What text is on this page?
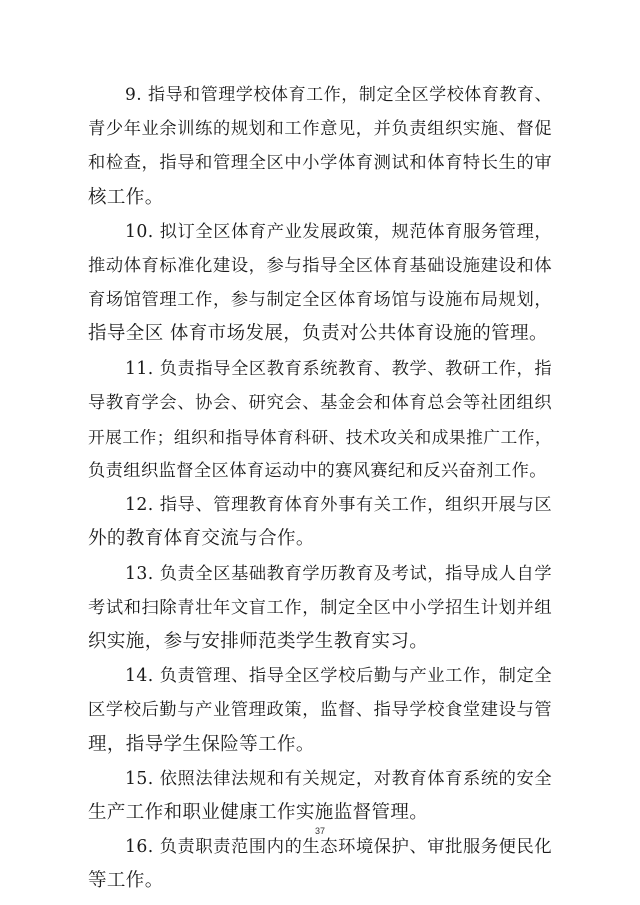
9. 指导和管理学校体育工作，制定全区学校体育教育、
青少年业余训练的规划和工作意见，并负责组织实施、督促
和检查，指导和管理全区中小学体育测试和体育特长生的审
核工作。
10. 拟订全区体育产业发展政策，规范体育服务管理，
推动体育标准化建设，参与指导全区体育基础设施建设和体
育场馆管理工作，参与制定全区体育场馆与设施布局规划，
指导全区 体育市场发展，负责对公共体育设施的管理。
11. 负责指导全区教育系统教育、教学、教研工作，指
导教育学会、协会、研究会、基金会和体育总会等社团组织
开展工作；组织和指导体育科研、技术攻关和成果推广工作，
负责组织监督全区体育运动中的赛风赛纪和反兴奋剂工作。
12. 指导、管理教育体育外事有关工作，组织开展与区
外的教育体育交流与合作。
13. 负责全区基础教育学历教育及考试，指导成人自学
考试和扫除青壮年文盲工作，制定全区中小学招生计划并组
织实施，参与安排师范类学生教育实习。
14. 负责管理、指导全区学校后勤与产业工作，制定全
区学校后勤与产业管理政策，监督、指导学校食堂建设与管
理，指导学生保险等工作。
15. 依照法律法规和有关规定，对教育体育系统的安全
生产工作和职业健康工作实施监督管理。
16. 负责职责范围内的生态环境保护、审批服务便民化
等工作。
37
